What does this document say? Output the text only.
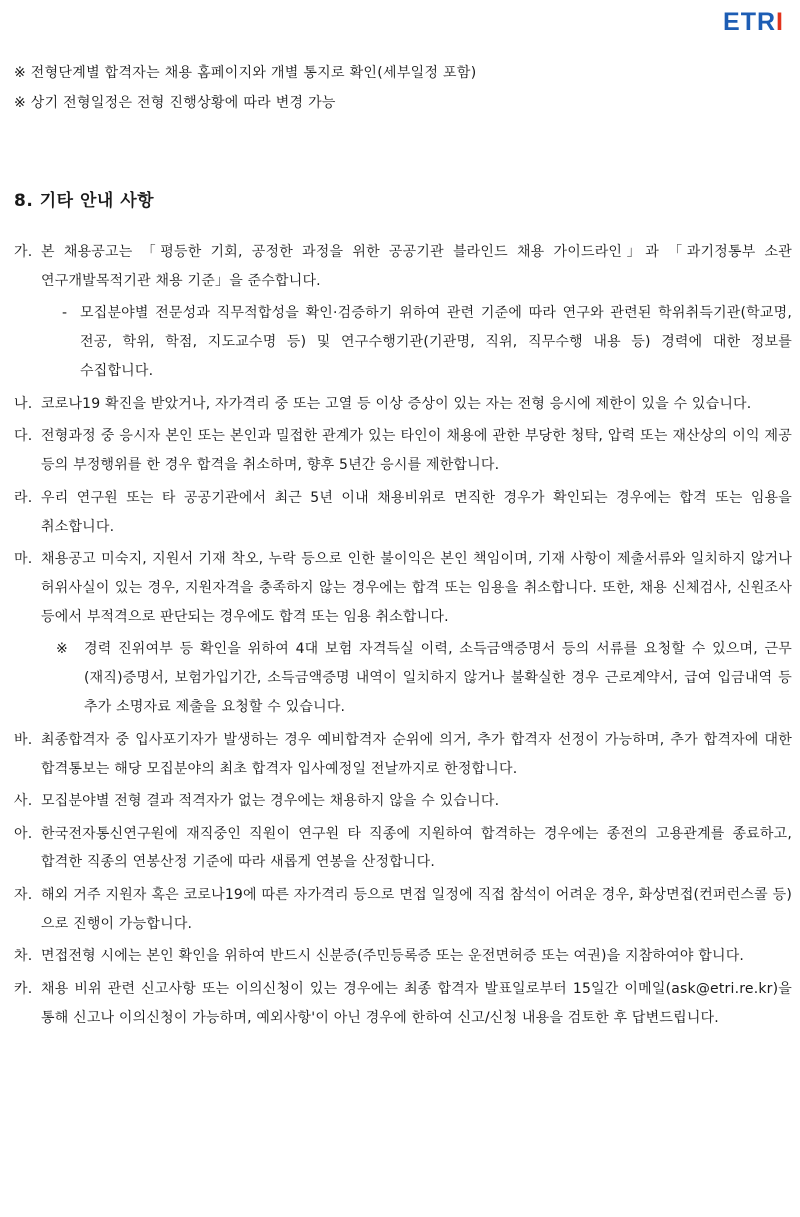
ETRI
※ 전형단계별 합격자는 채용 홈페이지와 개별 통지로 확인(세부일정 포함)
※ 상기 전형일정은 전형 진행상황에 따라 변경 가능
8. 기타 안내 사항
가. 본 채용공고는 「평등한 기회, 공정한 과정을 위한 공공기관 블라인드 채용 가이드라인」과 「과기정통부 소관 연구개발목적기관 채용 기준」을 준수합니다.
- 모집분야별 전문성과 직무적합성을 확인·검증하기 위하여 관련 기준에 따라 연구와 관련된 학위취득기관(학교명, 전공, 학위, 학점, 지도교수명 등) 및 연구수행기관(기관명, 직위, 직무수행 내용 등) 경력에 대한 정보를 수집합니다.
나. 코로나19 확진을 받았거나, 자가격리 중 또는 고열 등 이상 증상이 있는 자는 전형 응시에 제한이 있을 수 있습니다.
다. 전형과정 중 응시자 본인 또는 본인과 밀접한 관계가 있는 타인이 채용에 관한 부당한 청탁, 압력 또는 재산상의 이익 제공 등의 부정행위를 한 경우 합격을 취소하며, 향후 5년간 응시를 제한합니다.
라. 우리 연구원 또는 타 공공기관에서 최근 5년 이내 채용비위로 면직한 경우가 확인되는 경우에는 합격 또는 임용을 취소합니다.
마. 채용공고 미숙지, 지원서 기재 착오, 누락 등으로 인한 불이익은 본인 책임이며, 기재 사항이 제출서류와 일치하지 않거나 허위사실이 있는 경우, 지원자격을 충족하지 않는 경우에는 합격 또는 임용을 취소합니다. 또한, 채용 신체검사, 신원조사 등에서 부적격으로 판단되는 경우에도 합격 또는 임용 취소합니다.
※	경력 진위여부 등 확인을 위하여 4대 보험 자격득실 이력, 소득금액증명서 등의 서류를 요청할 수 있으며, 근무(재직)증명서, 보험가입기간, 소득금액증명 내역이 일치하지 않거나 불확실한 경우 근로계약서, 급여 입금내역 등 추가 소명자료 제출을 요청할 수 있습니다.
바. 최종합격자 중 입사포기자가 발생하는 경우 예비합격자 순위에 의거, 추가 합격자 선정이 가능하며, 추가 합격자에 대한 합격통보는 해당 모집분야의 최초 합격자 입사예정일 전날까지로 한정합니다.
사. 모집분야별 전형 결과 적격자가 없는 경우에는 채용하지 않을 수 있습니다.
아. 한국전자통신연구원에 재직중인 직원이 연구원 타 직종에 지원하여 합격하는 경우에는 종전의 고용관계를 종료하고, 합격한 직종의 연봉산정 기준에 따라 새롭게 연봉을 산정합니다.
자. 해외 거주 지원자 혹은 코로나19에 따른 자가격리 등으로 면접 일정에 직접 참석이 어려운 경우, 화상면접(컨퍼런스콜 등)으로 진행이 가능합니다.
차. 면접전형 시에는 본인 확인을 위하여 반드시 신분증(주민등록증 또는 운전면허증 또는 여권)을 지참하여야 합니다.
카. 채용 비위 관련 신고사항 또는 이의신청이 있는 경우에는 최종 합격자 발표일로부터 15일간 이메일(ask@etri.re.kr)을 통해 신고나 이의신청이 가능하며, 예외사항'이 아닌 경우에 한하여 신고/신청 내용을 검토한 후 답변드립니다.
